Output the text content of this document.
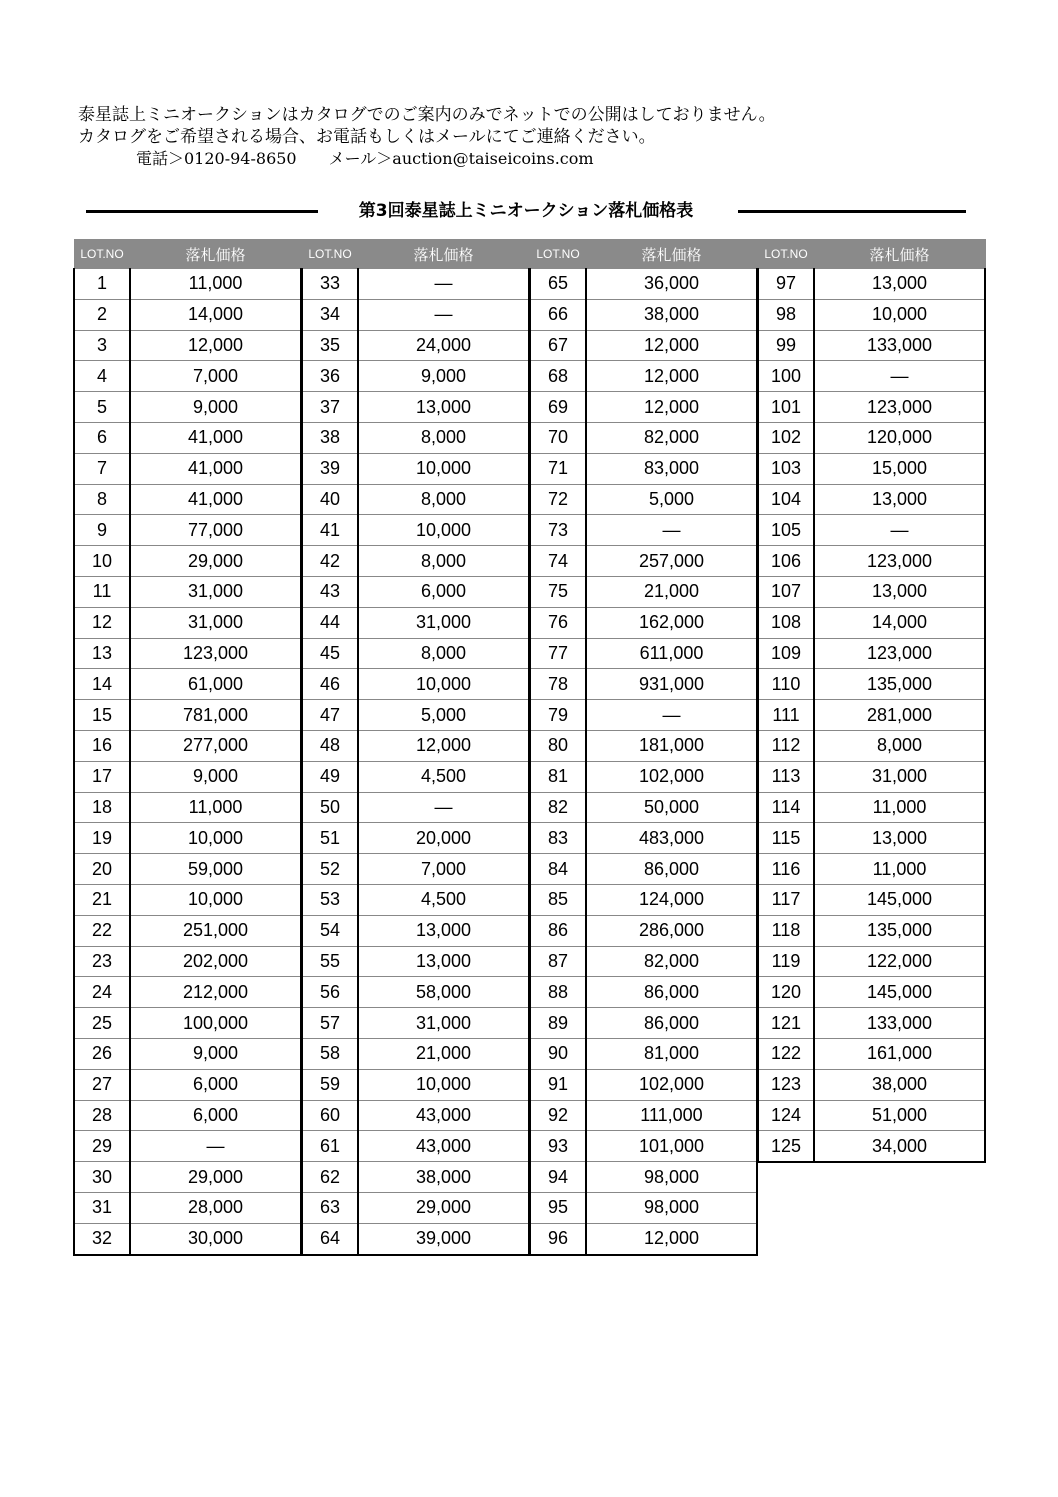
泰星誌上ミニオークションはカタログでのご案内のみでネットでの公開はしておりません。
カタログをご希望される場合、お電話もしくはメールにてご連絡ください。
電話＞0120-94-8650　　メール＞auction@taiseicoins.com
第3回泰星誌上ミニオークション落札価格表
LOT.NO	落札価格
1	11,000
2	14,000
3	12,000
4	7,000
5	9,000
6	41,000
7	41,000
8	41,000
9	77,000
10	29,000
11	31,000
12	31,000
13	123,000
14	61,000
15	781,000
16	277,000
17	9,000
18	11,000
19	10,000
20	59,000
21	10,000
22	251,000
23	202,000
24	212,000
25	100,000
26	9,000
27	6,000
28	6,000
29	—
30	29,000
31	28,000
32	30,000
LOT.NO	落札価格
33	—
34	—
35	24,000
36	9,000
37	13,000
38	8,000
39	10,000
40	8,000
41	10,000
42	8,000
43	6,000
44	31,000
45	8,000
46	10,000
47	5,000
48	12,000
49	4,500
50	—
51	20,000
52	7,000
53	4,500
54	13,000
55	13,000
56	58,000
57	31,000
58	21,000
59	10,000
60	43,000
61	43,000
62	38,000
63	29,000
64	39,000
LOT.NO	落札価格
65	36,000
66	38,000
67	12,000
68	12,000
69	12,000
70	82,000
71	83,000
72	5,000
73	—
74	257,000
75	21,000
76	162,000
77	611,000
78	931,000
79	—
80	181,000
81	102,000
82	50,000
83	483,000
84	86,000
85	124,000
86	286,000
87	82,000
88	86,000
89	86,000
90	81,000
91	102,000
92	111,000
93	101,000
94	98,000
95	98,000
96	12,000
LOT.NO	落札価格
97	13,000
98	10,000
99	133,000
100	—
101	123,000
102	120,000
103	15,000
104	13,000
105	—
106	123,000
107	13,000
108	14,000
109	123,000
110	135,000
111	281,000
112	8,000
113	31,000
114	11,000
115	13,000
116	11,000
117	145,000
118	135,000
119	122,000
120	145,000
121	133,000
122	161,000
123	38,000
124	51,000
125	34,000
